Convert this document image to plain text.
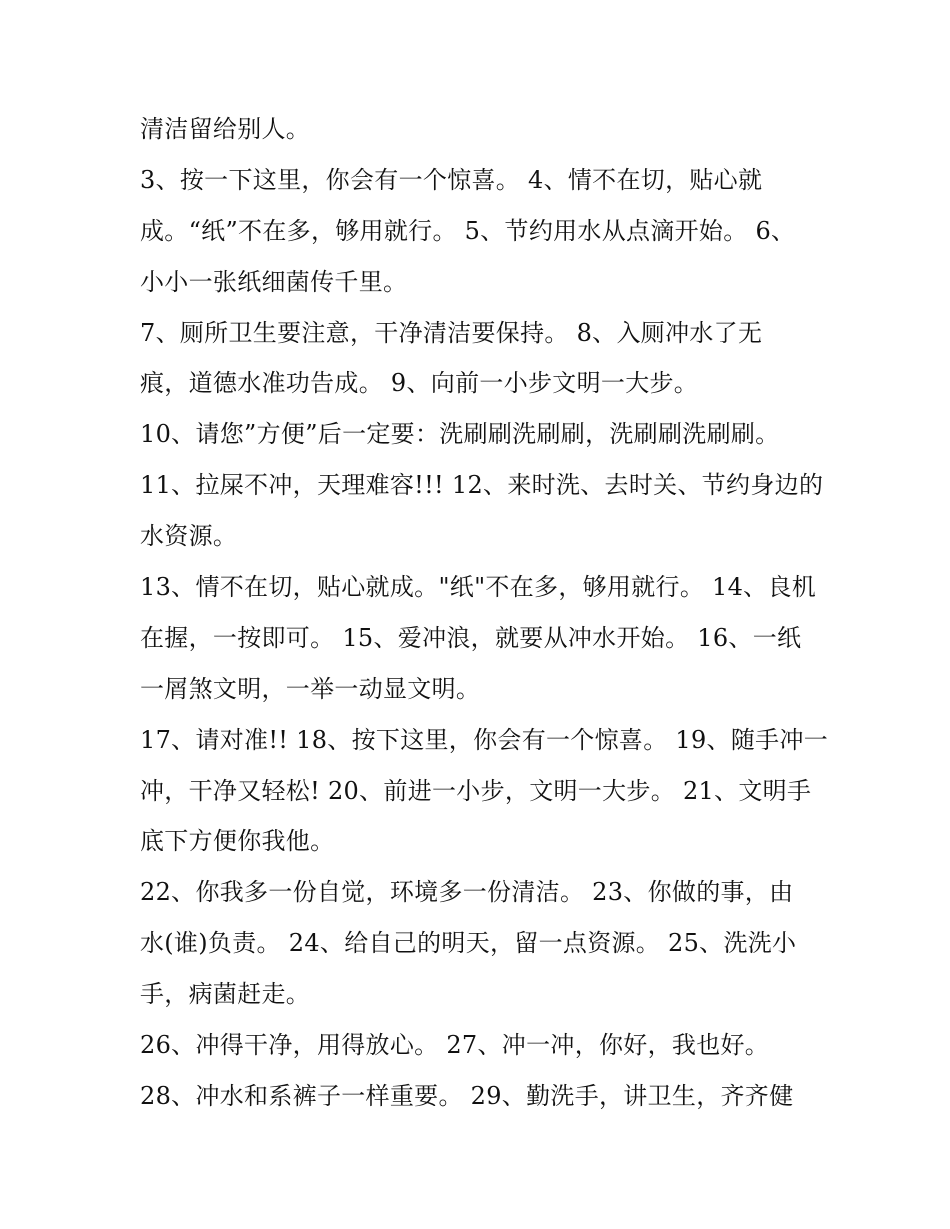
清洁留给别人。
3、按一下这里，你会有一个惊喜。 4、情不在切，贴心就
成。“纸”不在多，够用就行。 5、节约用水从点滴开始。 6、
小小一张纸细菌传千里。
7、厕所卫生要注意，干净清洁要保持。 8、入厕冲水了无
痕，道德水准功告成。 9、向前一小步文明一大步。
10、请您”方便”后一定要：洗刷刷洗刷刷，洗刷刷洗刷刷。
11、拉屎不冲，天理难容!!! 12、来时洗、去时关、节约身边的
水资源。
13、情不在切，贴心就成。"纸"不在多，够用就行。 14、良机
在握，一按即可。 15、爱冲浪，就要从冲水开始。 16、一纸
一屑煞文明，一举一动显文明。
17、请对准!! 18、按下这里，你会有一个惊喜。 19、随手冲一
冲，干净又轻松! 20、前进一小步，文明一大步。 21、文明手
底下方便你我他。
22、你我多一份自觉，环境多一份清洁。 23、你做的事，由
水(谁)负责。 24、给自己的明天，留一点资源。 25、洗洗小
手，病菌赶走。
26、冲得干净，用得放心。 27、冲一冲，你好，我也好。
28、冲水和系裤子一样重要。 29、勤洗手，讲卫生，齐齐健
